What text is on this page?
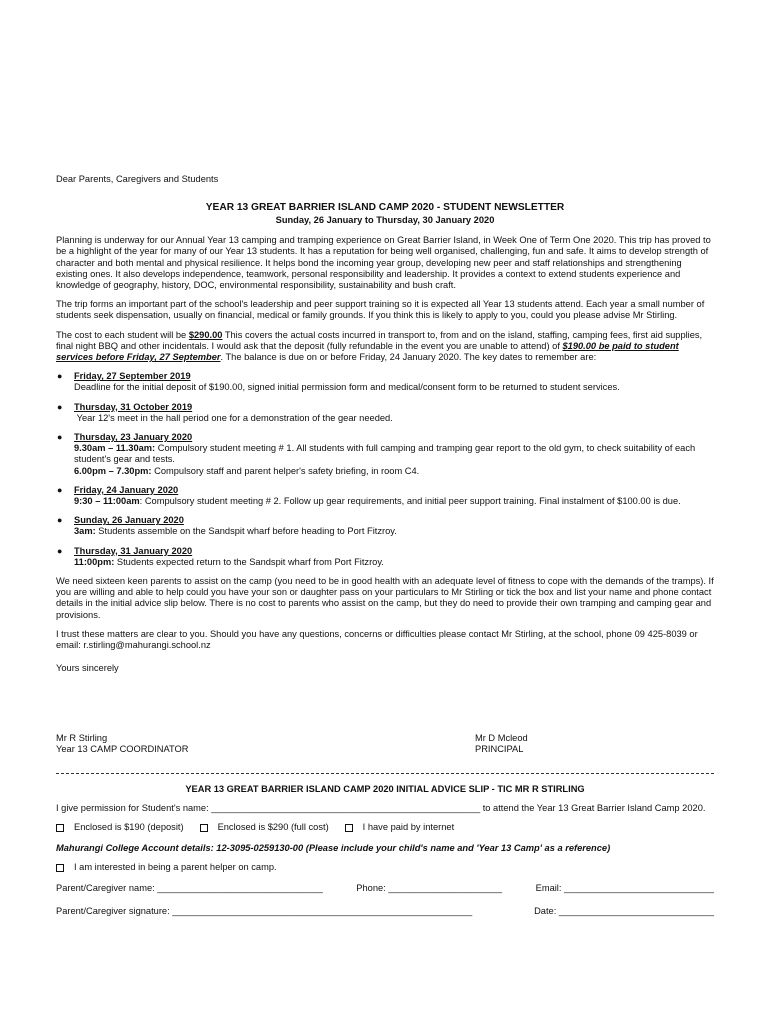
Dear Parents, Caregivers and Students

YEAR 13 GREAT BARRIER ISLAND CAMP 2020 - STUDENT NEWSLETTER

Sunday, 26 January to Thursday, 30 January 2020

Planning is underway for our Annual Year 13 camping and tramping experience on Great Barrier Island, in Week One of Term One 2020. This trip has proved to be a highlight of the year for many of our Year 13 students. It has a reputation for being well organised, challenging, fun and safe. It aims to develop strength of character and both mental and physical resilience. It helps bond the incoming year group, developing new peer and staff relationships and strengthening existing ones. It also develops independence, teamwork, personal responsibility and leadership. It provides a context to extend students experience and knowledge of geography, history, DOC, environmental responsibility, sustainability and bush craft.

The trip forms an important part of the school's leadership and peer support training so it is expected all Year 13 students attend. Each year a small number of students seek dispensation, usually on financial, medical or family grounds. If you think this is likely to apply to you, could you please advise Mr Stirling.

The cost to each student will be $290.00 This covers the actual costs incurred in transport to, from and on the island, staffing, camping fees, first aid supplies, final night BBQ and other incidentals. I would ask that the deposit (fully refundable in the event you are unable to attend) of $190.00 be paid to student services before Friday, 27 September. The balance is due on or before Friday, 24 January 2020. The key dates to remember are:

● Friday, 27 September 2019
Deadline for the initial deposit of $190.00, signed initial permission form and medical/consent form to be returned to student services.
● Thursday, 31 October 2019
Year 12's meet in the hall period one for a demonstration of the gear needed.
● Thursday, 23 January 2020
9.30am – 11.30am: Compulsory student meeting # 1. All students with full camping and tramping gear report to the old gym, to check suitability of each student's gear and tests.
6.00pm – 7.30pm: Compulsory staff and parent helper's safety briefing, in room C4.
● Friday, 24 January 2020
9:30 – 11:00am: Compulsory student meeting # 2. Follow up gear requirements, and initial peer support training. Final instalment of $100.00 is due.
● Sunday, 26 January 2020
3am: Students assemble on the Sandspit wharf before heading to Port Fitzroy.
● Thursday, 31 January 2020
11:00pm: Students expected return to the Sandspit wharf from Port Fitzroy.

We need sixteen keen parents to assist on the camp (you need to be in good health with an adequate level of fitness to cope with the demands of the tramps). If you are willing and able to help could you have your son or daughter pass on your particulars to Mr Stirling or tick the box and list your name and phone contact details in the initial advice slip below. There is no cost to parents who assist on the camp, but they do need to provide their own tramping and camping gear and provisions.

I trust these matters are clear to you. Should you have any questions, concerns or difficulties please contact Mr Stirling, at the school, phone 09 425-8039 or email: r.stirling@mahurangi.school.nz

Yours sincerely

Mr R Stirling
Year 13 CAMP COORDINATOR
Mr D Mcleod
PRINCIPAL

YEAR 13 GREAT BARRIER ISLAND CAMP 2020 INITIAL ADVICE SLIP - TIC MR R STIRLING

I give permission for Student's name: ____________________________________________________ to attend the Year 13 Great Barrier Island Camp 2020.

Enclosed is $190 (deposit)	Enclosed is $290 (full cost)	I have paid by internet

Mahurangi College Account details: 12-3095-0259130-00 (Please include your child's name and 'Year 13 Camp' as a reference)

I am interested in being a parent helper on camp.
Parent/Caregiver name: ________________________________	Phone: ______________________	Email: _____________________________
Parent/Caregiver signature: __________________________________________________________	Date: ______________________________
